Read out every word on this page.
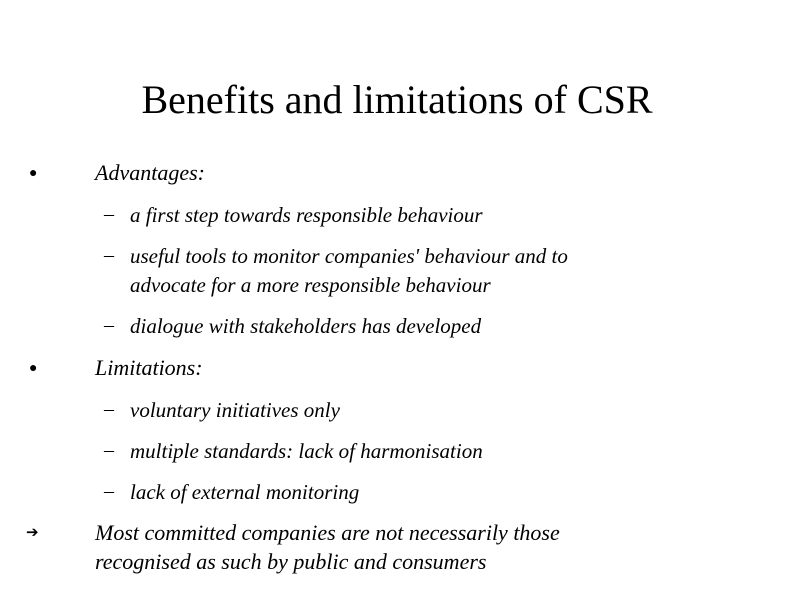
Benefits and limitations of CSR
●	Advantages:
– a first step towards responsible behaviour
– useful tools to monitor companies' behaviour and to
advocate for a more responsible behaviour
– dialogue with stakeholders has developed
●	Limitations:
– voluntary initiatives only
– multiple standards: lack of harmonisation
– lack of external monitoring
➔	Most committed companies are not necessarily those
recognised as such by public and consumers
